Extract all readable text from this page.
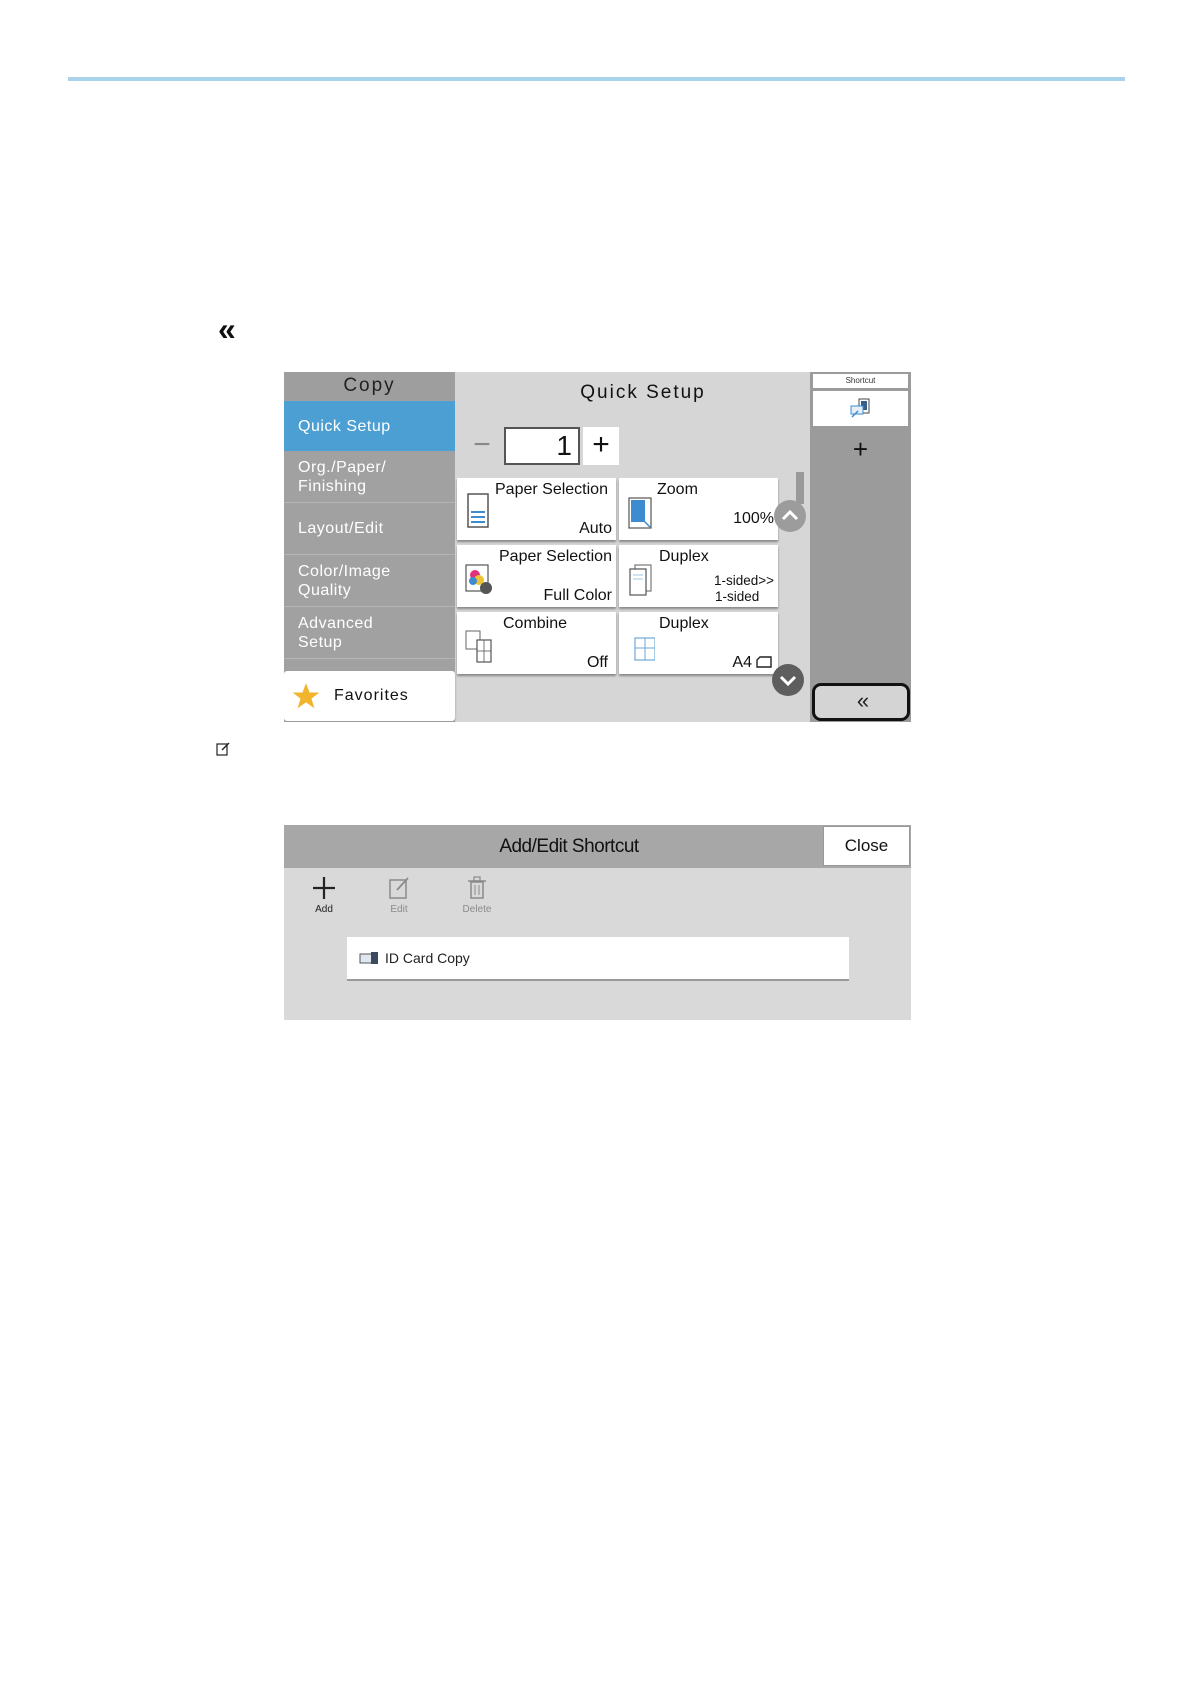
«
Copy
Quick Setup
Org./Paper/
Finishing
Layout/Edit
Color/Image
Quality
Advanced
Setup
Favorites
Quick Setup
−	1 +
Paper Selection
Auto
Zoom
100%
Paper Selection
Full Color
Duplex
1-sided>>
1-sided
Combine
Off
Duplex
A4
Shortcut
+
«
Add/Edit Shortcut	Close
Add	Edit	Delete
ID Card Copy
